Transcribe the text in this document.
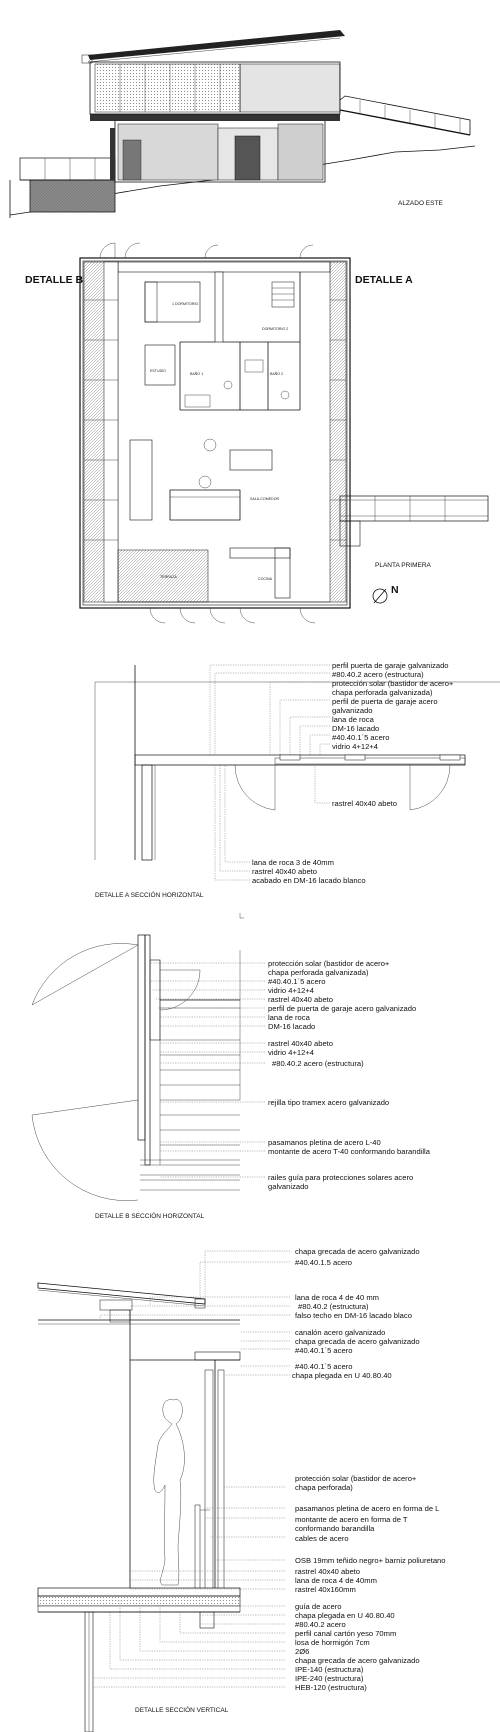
ALZADO ESTE
DETALLE B	DETALLE A
1 DORMITORIO
DORMITORIO 2
ESTUDIO
BAÑO 1	BAÑO 2
SALA-COMEDOR
COCINA
TERRAZA
PLANTA PRIMERA
N
perfil puerta de garaje galvanizado
#80.40.2 acero (estructura)
protección solar (bastidor de acero+
chapa perforada galvanizada)
perfil de puerta de garaje acero
galvanizado
lana de roca
DM-16 lacado
#40.40.1´5 acero
vidrio 4+12+4
rastrel 40x40 abeto
lana de roca 3 de 40mm
rastrel 40x40 abeto
acabado en DM-16 lacado blanco
DETALLE A SECCIÓN HORIZONTAL
protección solar (bastidor de acero+
chapa perforada galvanizada)
#40.40.1´5 acero
vidrio 4+12+4
rastrel 40x40 abeto
perfil de puerta de garaje acero galvanizado
lana de roca
DM-16 lacado
rastrel 40x40 abeto
vidrio 4+12+4
#80.40.2 acero (estructura)
rejilla tipo tramex acero galvanizado
pasamanos pletina de acero L-40
montante de acero T-40 conformando barandilla
railes guía para protecciones solares acero
galvanizado
DETALLE B SECCIÓN HORIZONTAL
chapa grecada de acero galvanizado
#40.40.1.5 acero
lana de roca 4 de 40 mm
#80.40.2 (estructura)
falso techo en DM-16 lacado blaco
canalón acero galvanizado
chapa grecada de acero galvanizado
#40.40.1´5 acero
#40.40.1´5 acero
chapa plegada en U 40.80.40
protección solar (bastidor de acero+
chapa perforada)
pasamanos pletina de acero en forma de L
montante de acero en forma de T
conformando barandilla
cables de acero
OSB 19mm teñido negro+ barniz poliuretano
rastrel 40x40 abeto
lana de roca 4 de 40mm
rastrel 40x160mm
guía de acero
chapa plegada en U 40.80.40
#80.40.2 acero
perfil canal cartón yeso 70mm
losa de hormigón 7cm
2Ø6
chapa grecada de acero galvanizado
IPE-140 (estructura)
IPE-240 (estructura)
HEB-120 (estructura)
DETALLE SECCIÓN VERTICAL
